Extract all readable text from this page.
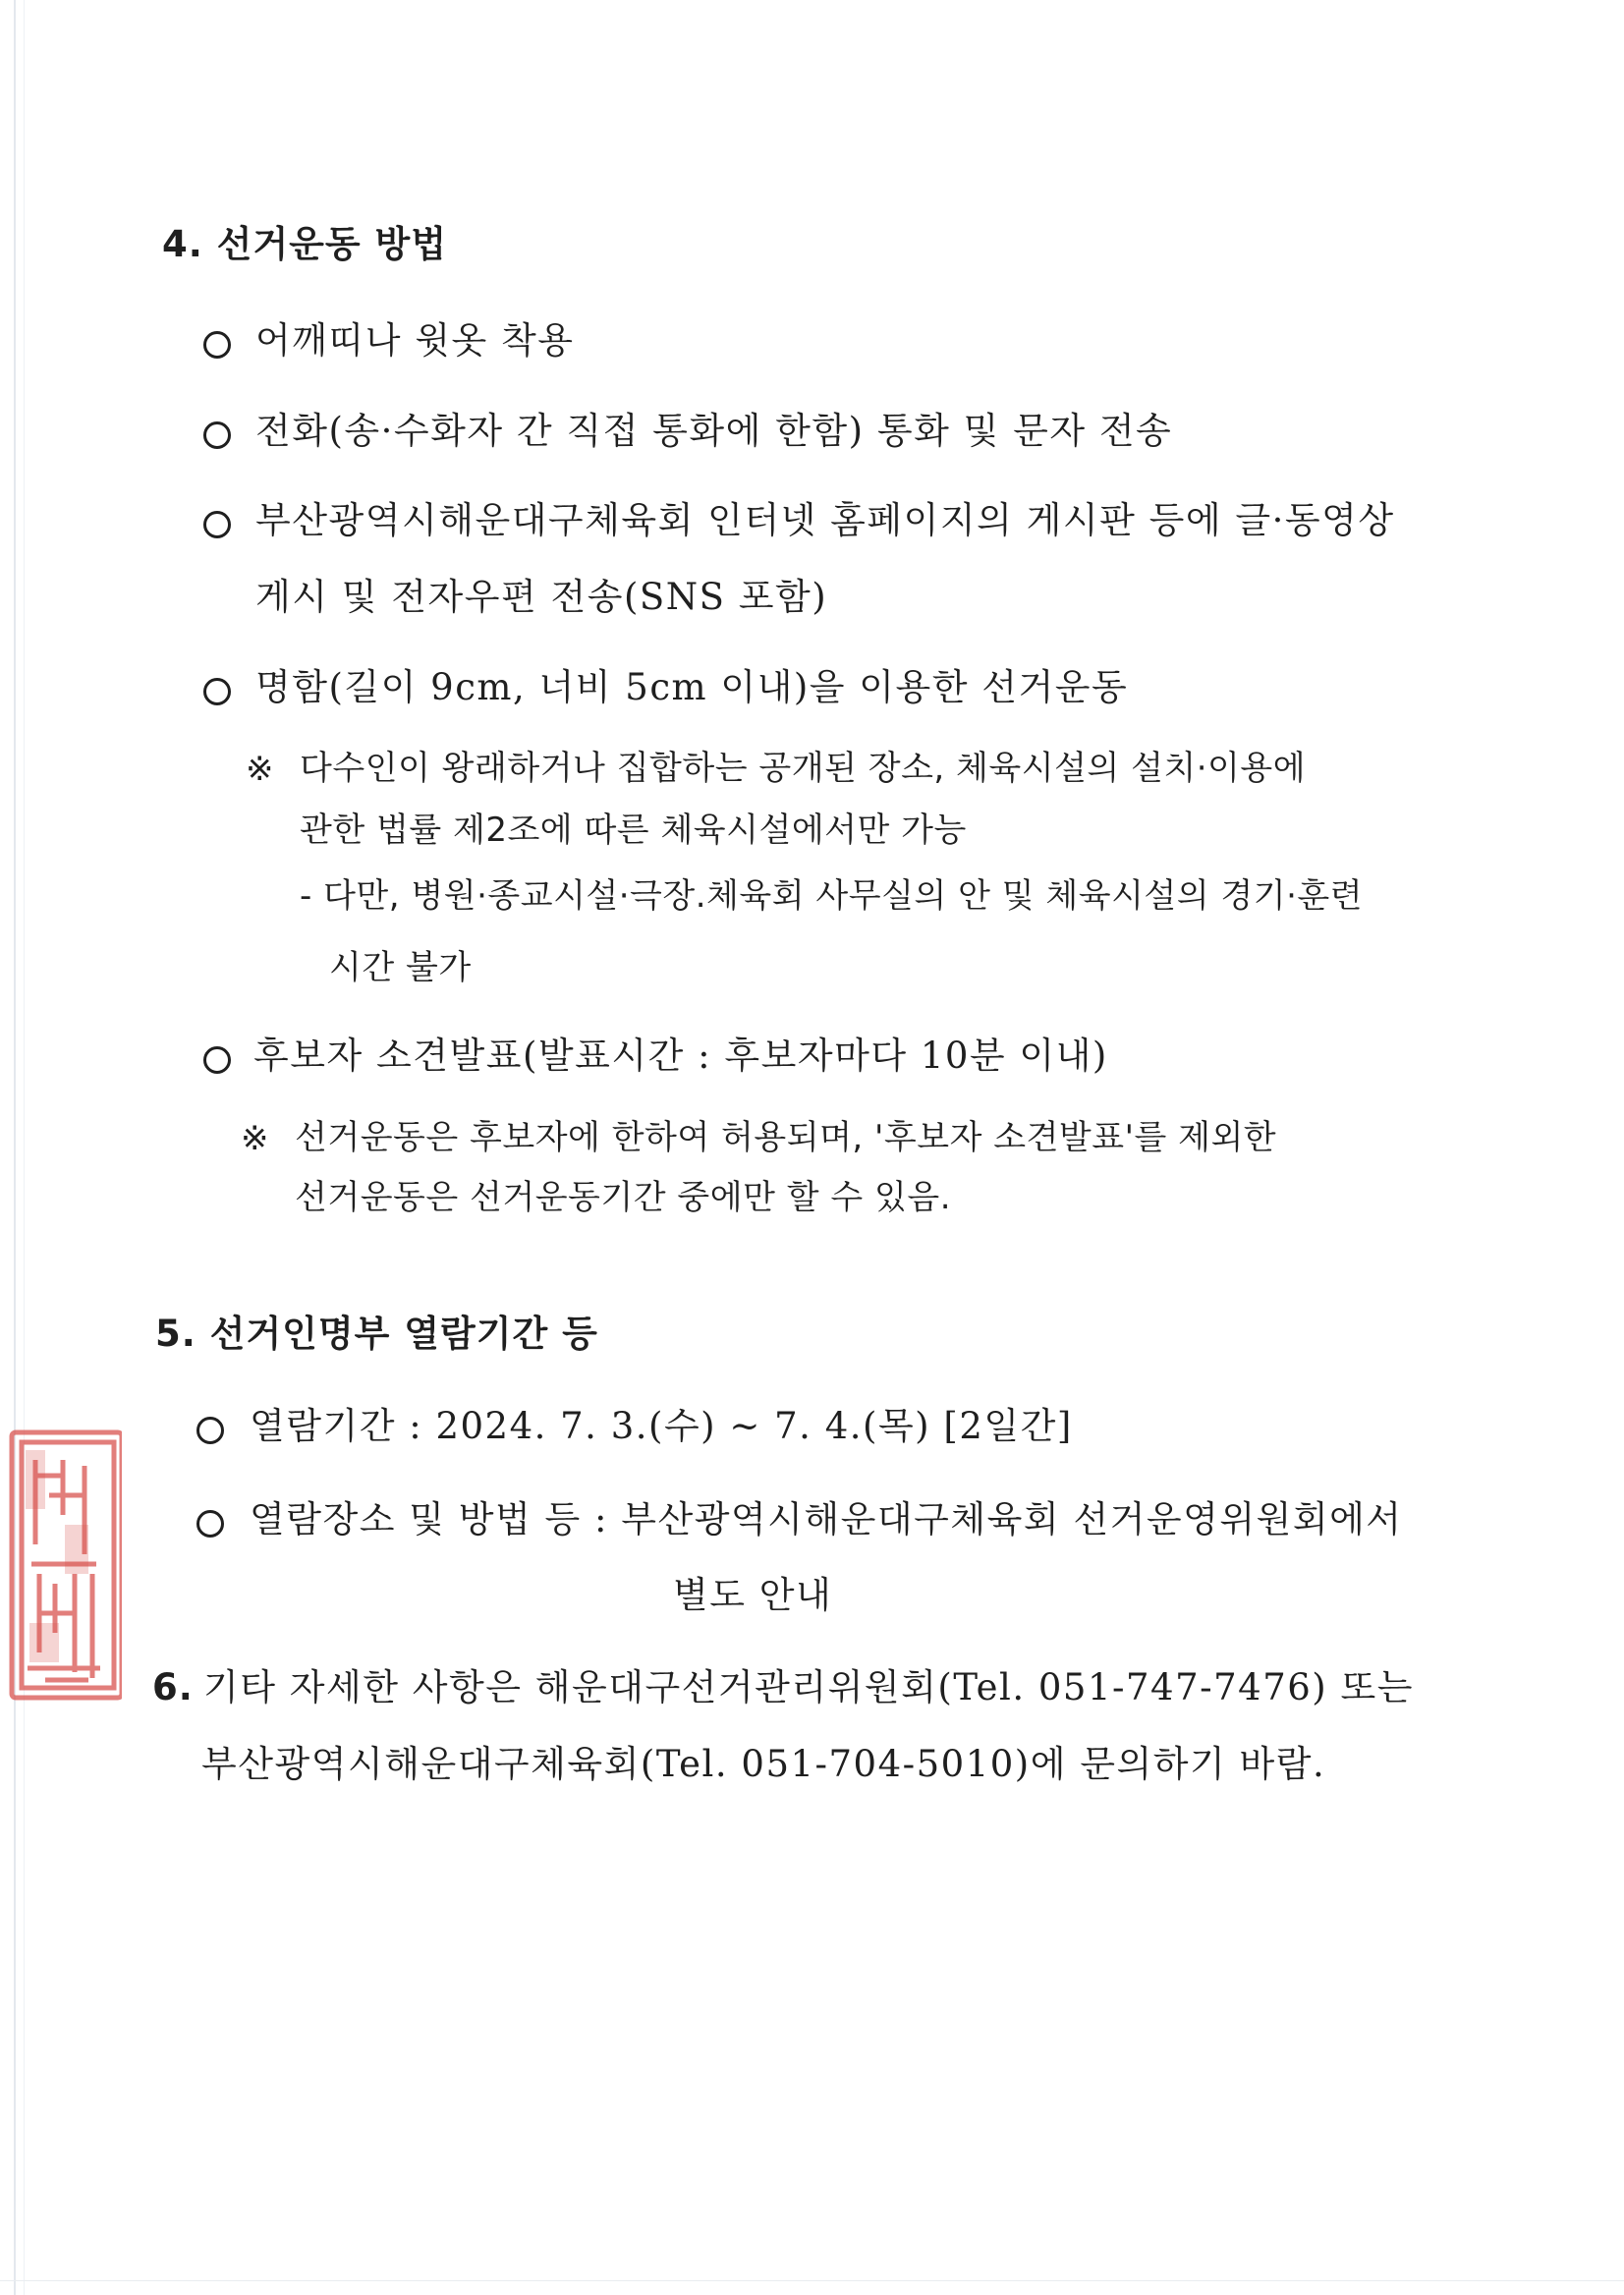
4. 선거운동 방법
어깨띠나 윗옷 착용
전화(송·수화자 간 직접 통화에 한함) 통화 및 문자 전송
부산광역시해운대구체육회 인터넷 홈페이지의 게시판 등에 글·동영상
게시 및 전자우편 전송(SNS 포함)
명함(길이 9cm, 너비 5cm 이내)을 이용한 선거운동
※ 다수인이 왕래하거나 집합하는 공개된 장소, 체육시설의 설치·이용에
관한 법률 제2조에 따른 체육시설에서만 가능
- 다만, 병원·종교시설·극장.체육회 사무실의 안 및 체육시설의 경기·훈련
시간 불가
후보자 소견발표(발표시간 : 후보자마다 10분 이내)
※ 선거운동은 후보자에 한하여 허용되며, '후보자 소견발표'를 제외한
선거운동은 선거운동기간 중에만 할 수 있음.
5. 선거인명부 열람기간 등
열람기간 : 2024. 7. 3.(수) ~ 7. 4.(목) [2일간]
열람장소 및 방법 등 : 부산광역시해운대구체육회 선거운영위원회에서
별도 안내
6. 기타 자세한 사항은 해운대구선거관리위원회(Tel. 051-747-7476) 또는
부산광역시해운대구체육회(Tel. 051-704-5010)에 문의하기 바람.
